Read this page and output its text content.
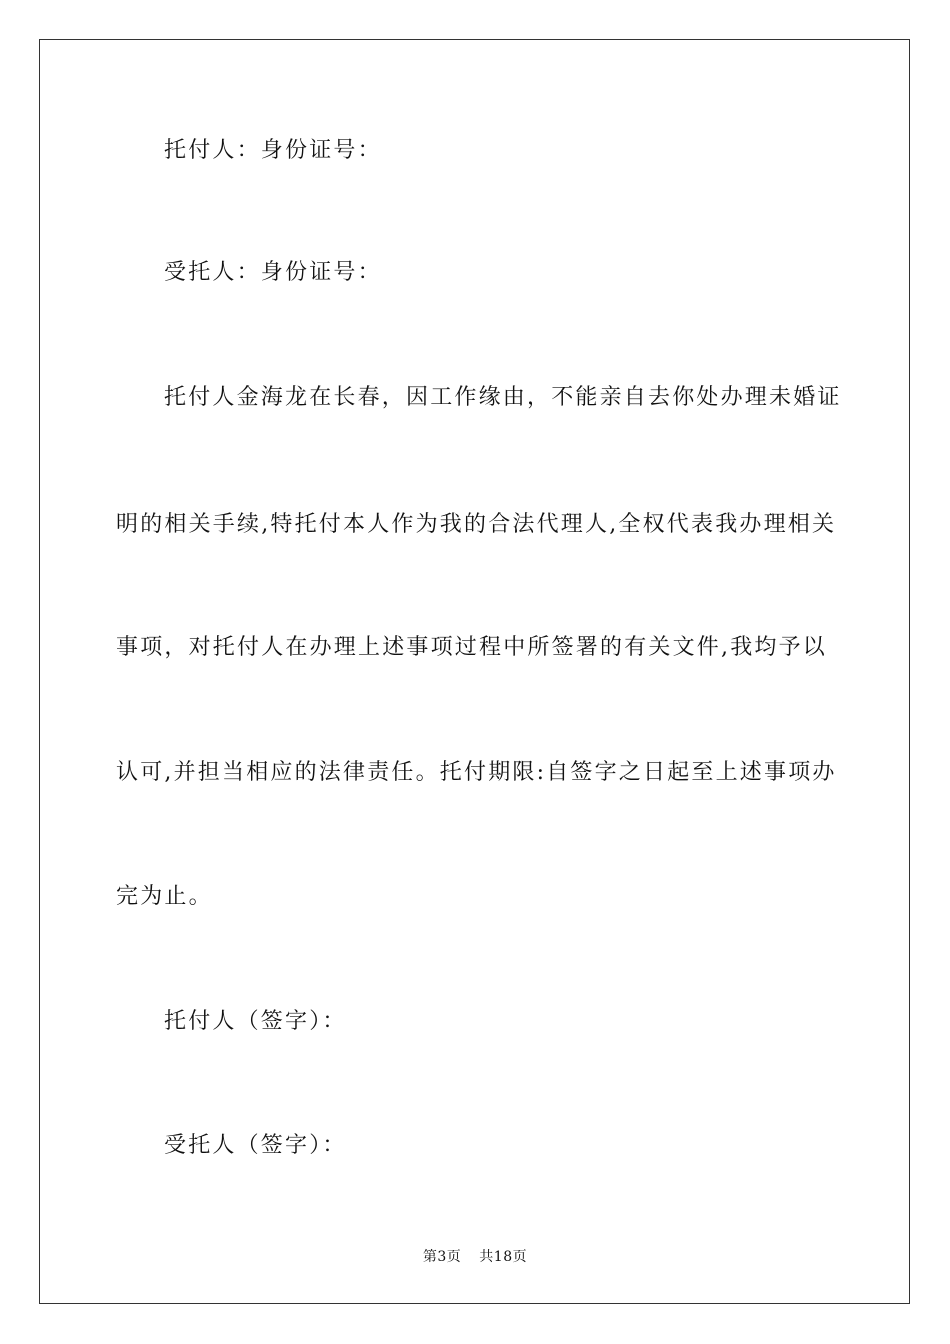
托付人：身份证号：
受托人：身份证号：
托付人金海龙在长春，因工作缘由，不能亲自去你处办理未婚证
明的相关手续,特托付本人作为我的合法代理人,全权代表我办理相关
事项，对托付人在办理上述事项过程中所签署的有关文件,我均予以
认可,并担当相应的法律责任。托付期限:自签字之日起至上述事项办
完为止。
托付人（签字）：
受托人（签字）：
第3页 共18页
